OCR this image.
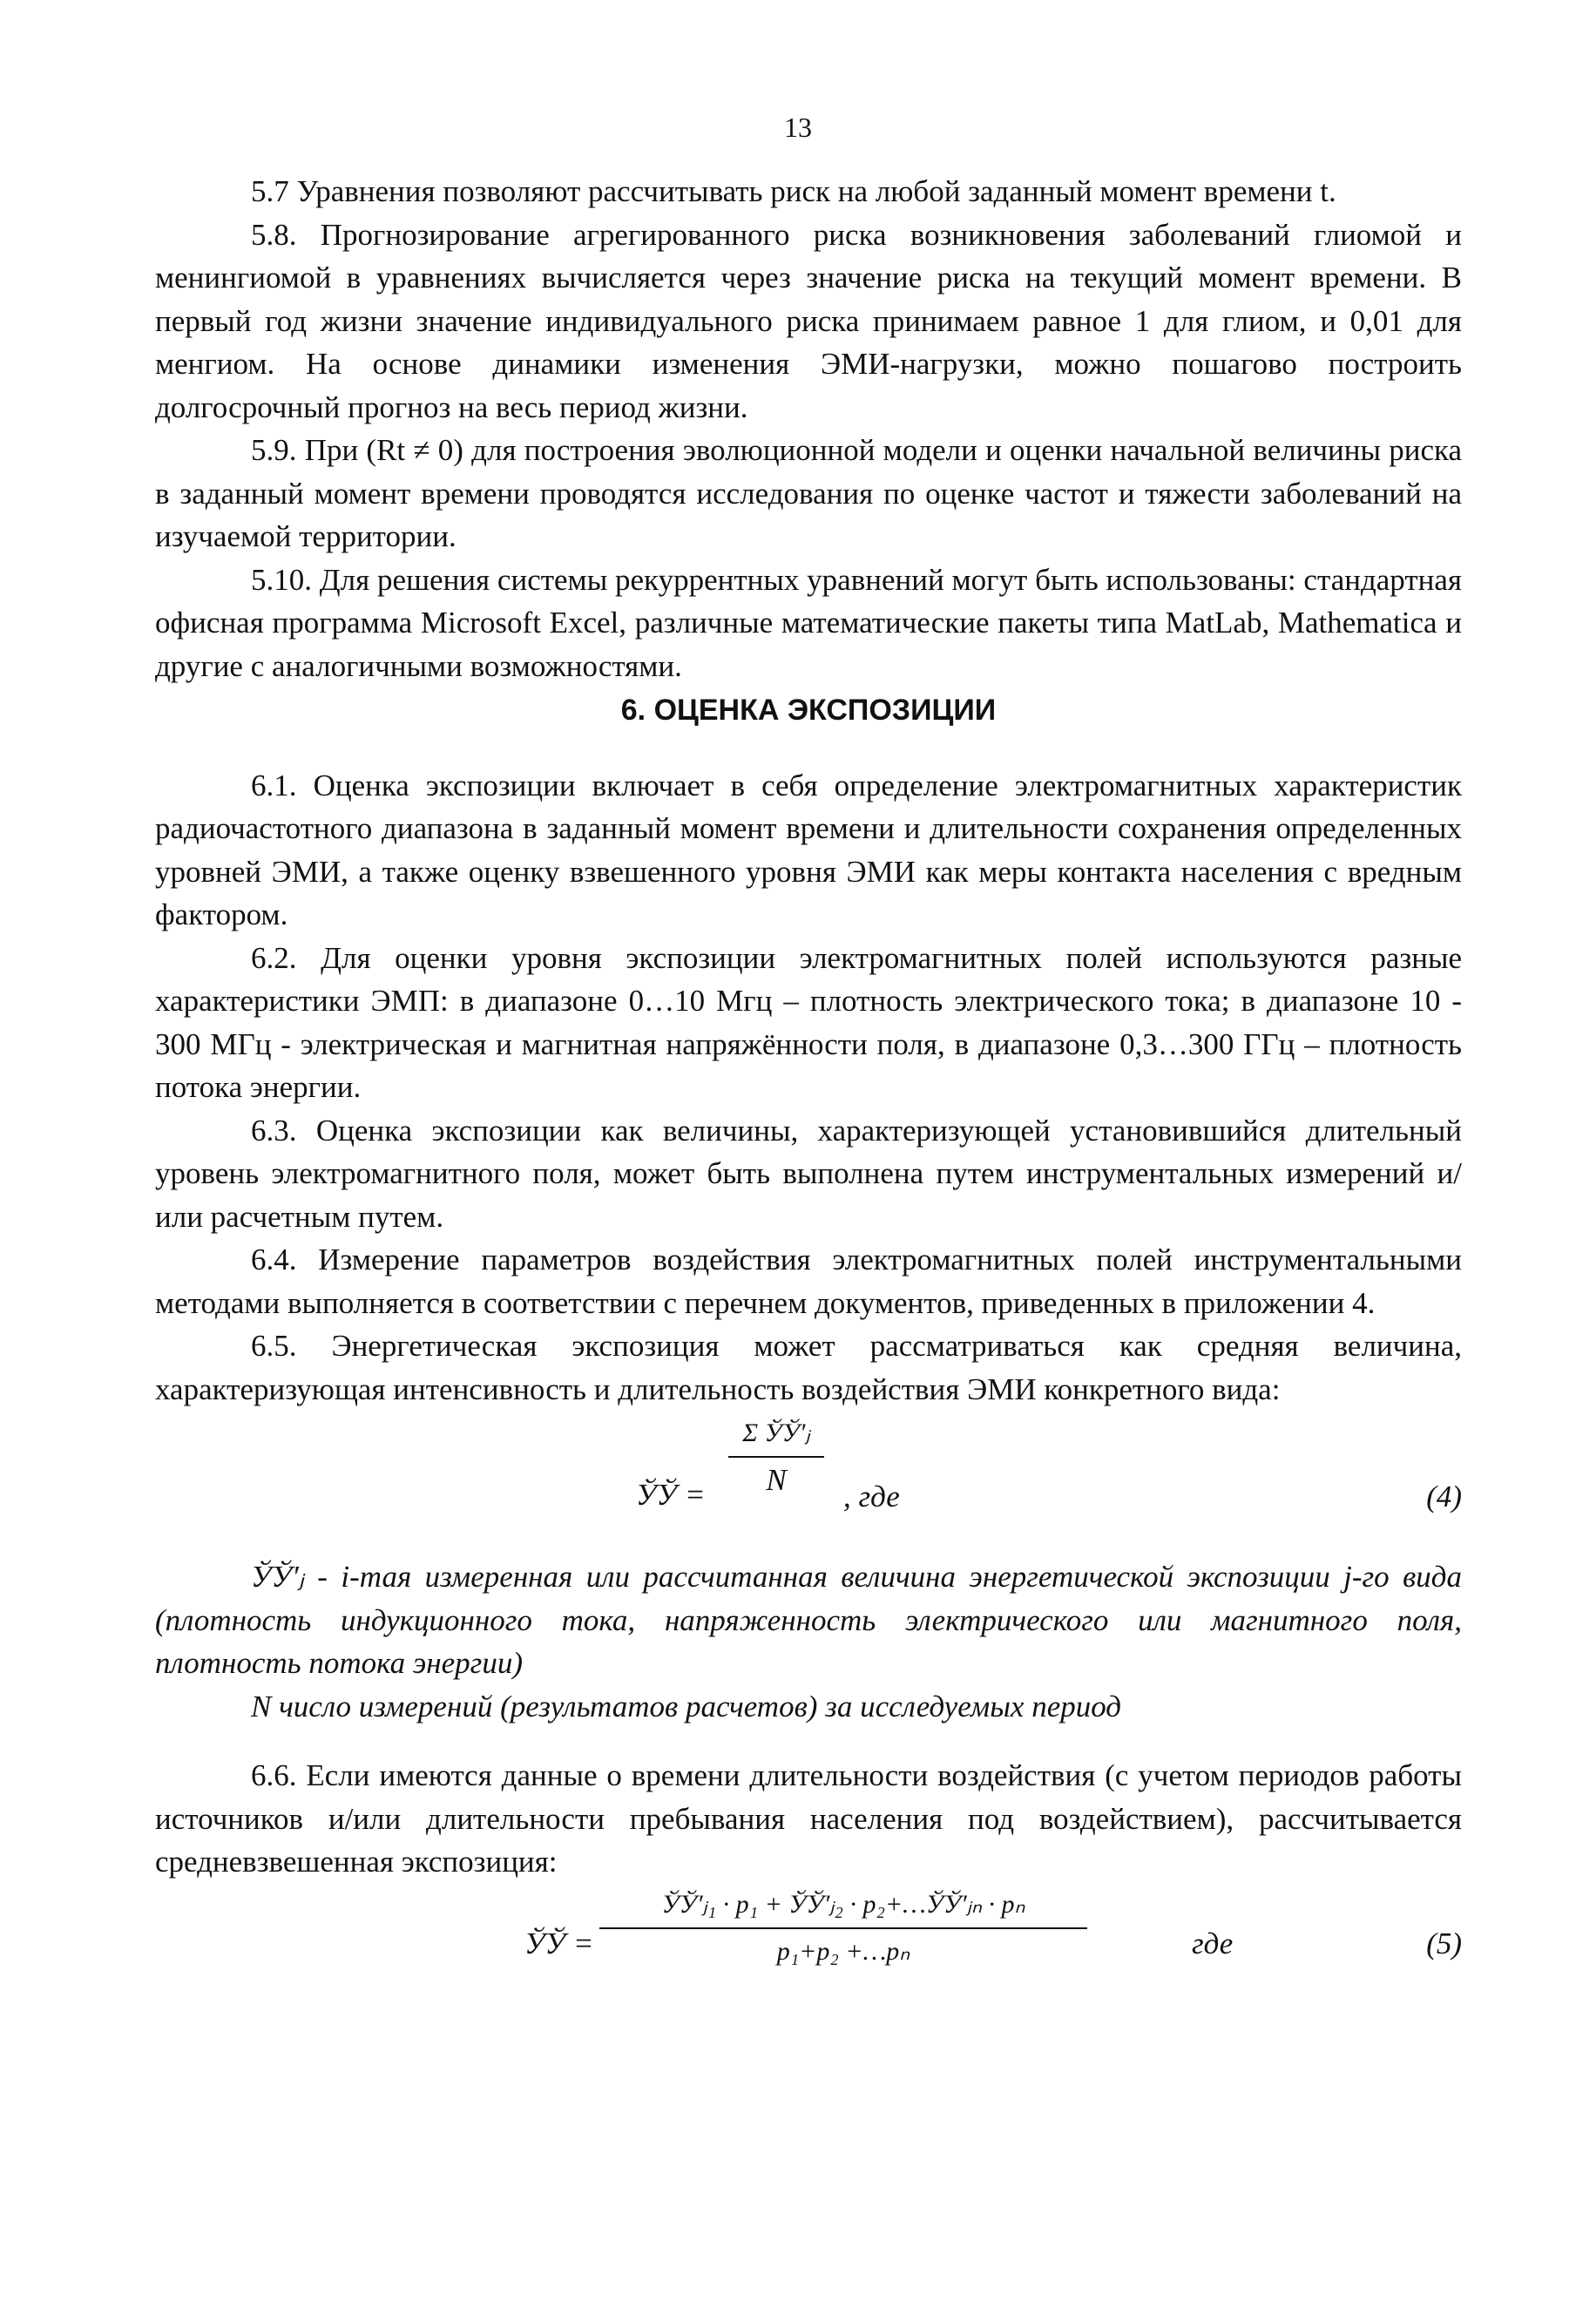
13

5.7 Уравнения позволяют рассчитывать риск на любой заданный момент времени t.

5.8. Прогнозирование агрегированного риска возникновения заболеваний глиомой и менингиомой в уравнениях вычисляется через значение риска на текущий момент времени. В первый год жизни значение индивидуального риска принимаем равное 1 для глиом, и 0,01 для менгиом. На основе динамики изменения ЭМИ-нагрузки, можно пошагово построить долгосрочный прогноз на весь период жизни.

5.9. При (Rt ≠ 0) для построения эволюционной модели и оценки начальной величины риска в заданный момент времени проводятся исследования по оценке частот и тяжести заболеваний на изучаемой территории.

5.10. Для решения системы рекуррентных уравнений могут быть использованы: стандартная офисная программа Microsoft Excel, различные математические пакеты типа MatLab, Mathematica и другие с аналогичными возможностями.

6. ОЦЕНКА ЭКСПОЗИЦИИ

6.1. Оценка экспозиции включает в себя определение электромагнитных характеристик радиочастотного диапазона в заданный момент времени и длительности сохранения определенных уровней ЭМИ, а также оценку взвешенного уровня ЭМИ как меры контакта населения с вредным фактором.

6.2. Для оценки уровня экспозиции электромагнитных полей используются разные характеристики ЭМП: в диапазоне 0…10 Мгц – плотность электрического тока; в диапазоне 10 - 300 МГц - электрическая и магнитная напряжённости поля, в диапазоне 0,3…300 ГГц – плотность потока энергии.

6.3. Оценка экспозиции как величины, характеризующей установившийся длительный уровень электромагнитного поля, может быть выполнена путем инструментальных измерений и/или расчетным путем.

6.4. Измерение параметров воздействия электромагнитных полей инструментальными методами выполняется в соответствии с перечнем документов, приведенных в приложении 4.

6.5. Энергетическая экспозиция может рассматриваться как средняя величина, характеризующая интенсивность и длительность воздействия ЭМИ конкретного вида:

ЎЎ =
Σ ЎЎ′ⱼ
N	, где	(4)

ЎЎ′ⱼ - i-тая измеренная или рассчитанная величина энергетической экспозиции j-го вида (плотность индукционного тока, напряженность электрического или магнитного поля, плотность потока энергии)

N число измерений (результатов расчетов) за исследуемых период

6.6. Если имеются данные о времени длительности воздействия (с учетом периодов работы источников и/или длительности пребывания населения под воздействием), рассчитывается средневзвешенная экспозиция:

ЎЎ =
ЎЎ′ⱼ₁ · p₁ + ЎЎ′ⱼ₂ · p₂+…ЎЎ′ⱼₙ · pₙ
p₁+p₂ +…pₙ	где	(5)
